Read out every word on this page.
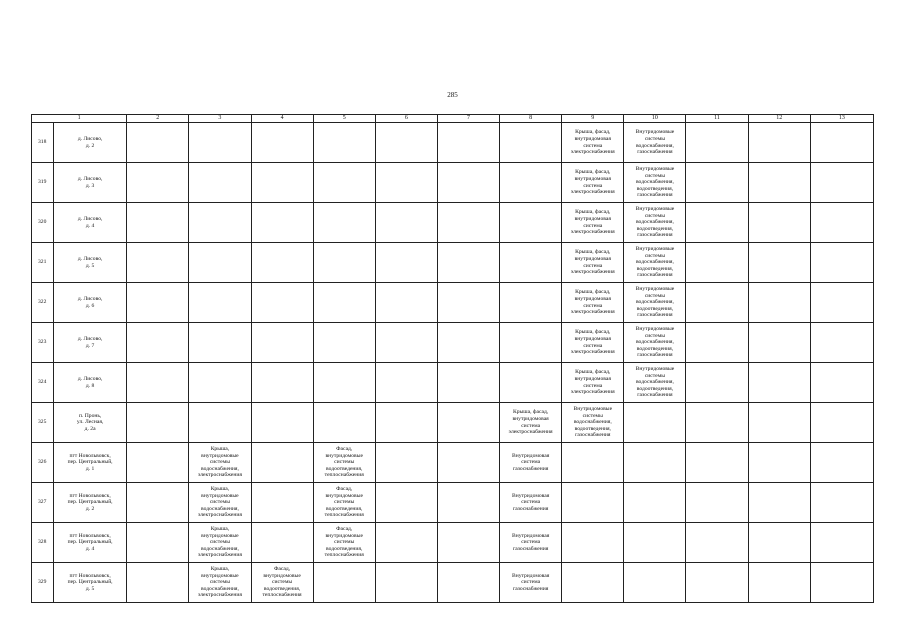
285
1		2	3	4	5	6	7	8	9	10	11	12	13
318	д. Лисово,
д. 2								Крыша, фасад,
внутридомовая
система
электроснабжения	Внутридомовые
системы
водоснабжения,
газоснабжения			

319	д. Лисово,
д. 3								Крыша, фасад,
внутридомовая
система
электроснабжения	Внутридомовые
системы
водоснабжения,
водоотведения,
газоснабжения			

320	д. Лисово,
д. 4								Крыша, фасад,
внутридомовая
система
электроснабжения	Внутридомовые
системы
водоснабжения,
водоотведения,
газоснабжения			

321	д. Лисово,
д. 5								Крыша, фасад,
внутридомовая
система
электроснабжения	Внутридомовые
системы
водоснабжения,
водоотведения,
газоснабжения			

322	д. Лисово,
д. 6								Крыша, фасад,
внутридомовая
система
электроснабжения	Внутридомовые
системы
водоснабжения,
водоотведения,
газоснабжения			

323	д. Лисово,
д. 7								Крыша, фасад,
внутридомовая
система
электроснабжения	Внутридомовые
системы
водоснабжения,
водоотведения,
газоснабжения			

324	д. Лисово,
д. 8								Крыша, фасад,
внутридомовая
система
электроснабжения	Внутридомовые
системы
водоснабжения,
водоотведения,
газоснабжения			

325	п. Пронь,
ул. Лесная,
д. 2а							Крыша, фасад,
внутридомовая
система
электроснабжения	Внутридомовые
системы
водоснабжения,
водоотведения,
газоснабжения				

326	пгт Новольвовск,
пер. Центральный,
д. 1		Крыша,
внутридомовые
системы
водоснабжения,
электроснабжения		Фасад,
внутридомовые
системы
водоотведения,
теплоснабжения			Внутридомовая
система
газоснабжения					

327	пгт Новольвовск,
пер. Центральный,
д. 2		Крыша,
внутридомовые
системы
водоснабжения,
электроснабжения		Фасад,
внутридомовые
системы
водоотведения,
теплоснабжения			Внутридомовая
система
газоснабжения					

328	пгт Новольвовск,
пер. Центральный,
д. 4		Крыша,
внутридомовые
системы
водоснабжения,
электроснабжения		Фасад,
внутридомовые
системы
водоотведения,
теплоснабжения			Внутридомовая
система
газоснабжения					

329	пгт Новольвовск,
пер. Центральный,
д. 5		Крыша,
внутридомовые
системы
водоснабжения,
электроснабжения	Фасад,
внутридомовые
системы
водоотведения,
теплоснабжения				Внутридомовая
система
газоснабжения					
